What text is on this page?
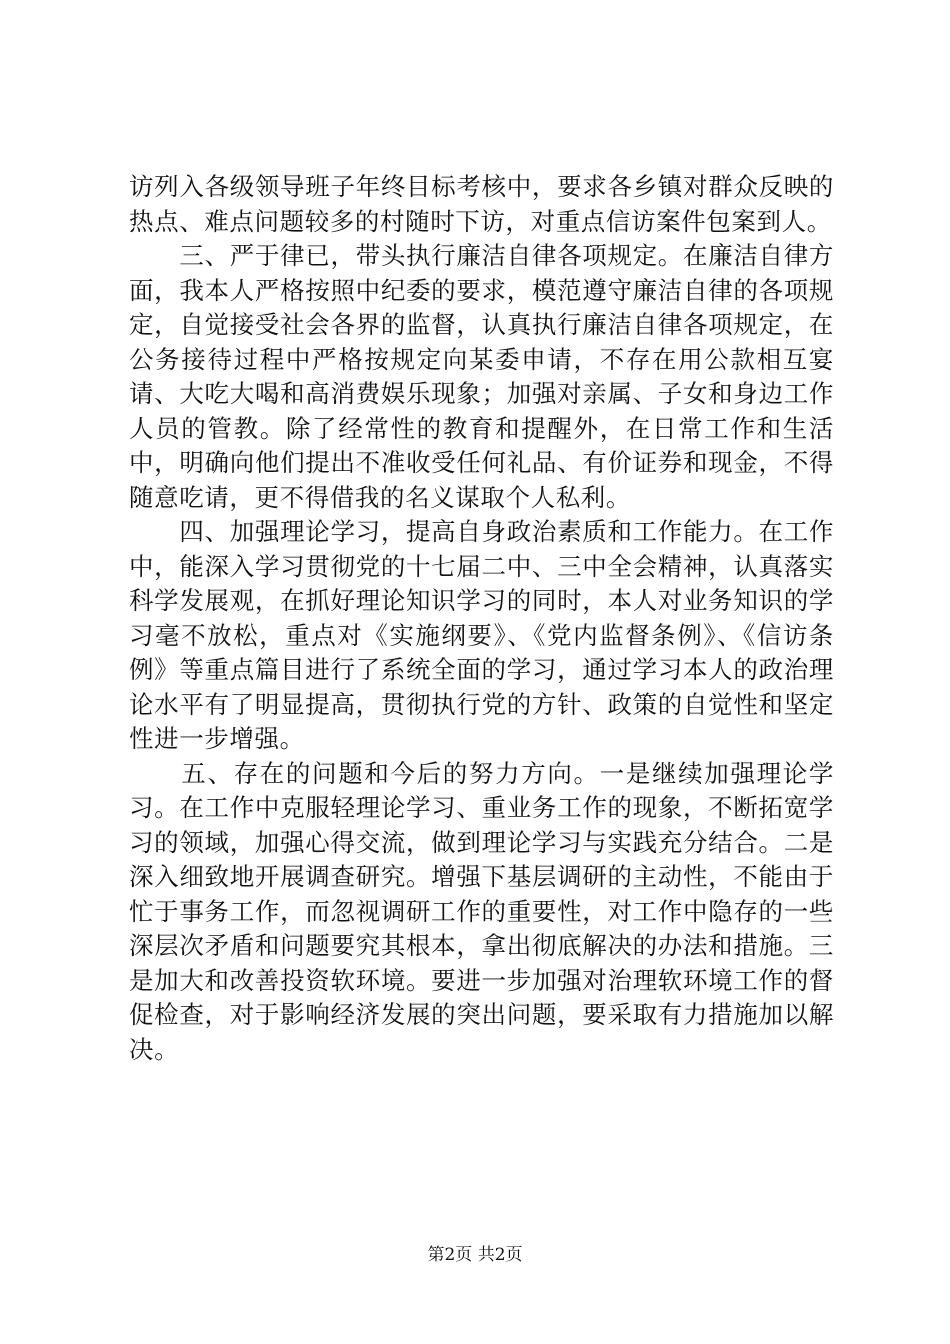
访列入各级领导班子年终目标考核中，要求各乡镇对群众反映的热点、难点问题较多的村随时下访，对重点信访案件包案到人。

　　三、严于律已，带头执行廉洁自律各项规定。在廉洁自律方面，我本人严格按照中纪委的要求，模范遵守廉洁自律的各项规定，自觉接受社会各界的监督，认真执行廉洁自律各项规定，在公务接待过程中严格按规定向某委申请，不存在用公款相互宴请、大吃大喝和高消费娱乐现象；加强对亲属、子女和身边工作人员的管教。除了经常性的教育和提醒外，在日常工作和生活中，明确向他们提出不准收受任何礼品、有价证券和现金，不得随意吃请，更不得借我的名义谋取个人私利。

　　四、加强理论学习，提高自身政治素质和工作能力。在工作中，能深入学习贯彻党的十七届二中、三中全会精神，认真落实科学发展观，在抓好理论知识学习的同时，本人对业务知识的学习毫不放松，重点对《实施纲要》、《党内监督条例》、《信访条例》等重点篇目进行了系统全面的学习，通过学习本人的政治理论水平有了明显提高，贯彻执行党的方针、政策的自觉性和坚定性进一步增强。

　　五、存在的问题和今后的努力方向。一是继续加强理论学习。在工作中克服轻理论学习、重业务工作的现象，不断拓宽学习的领域，加强心得交流，做到理论学习与实践充分结合。二是深入细致地开展调查研究。增强下基层调研的主动性，不能由于忙于事务工作，而忽视调研工作的重要性，对工作中隐存的一些深层次矛盾和问题要究其根本，拿出彻底解决的办法和措施。三是加大和改善投资软环境。要进一步加强对治理软环境工作的督促检查，对于影响经济发展的突出问题，要采取有力措施加以解决。

第2页 共2页
